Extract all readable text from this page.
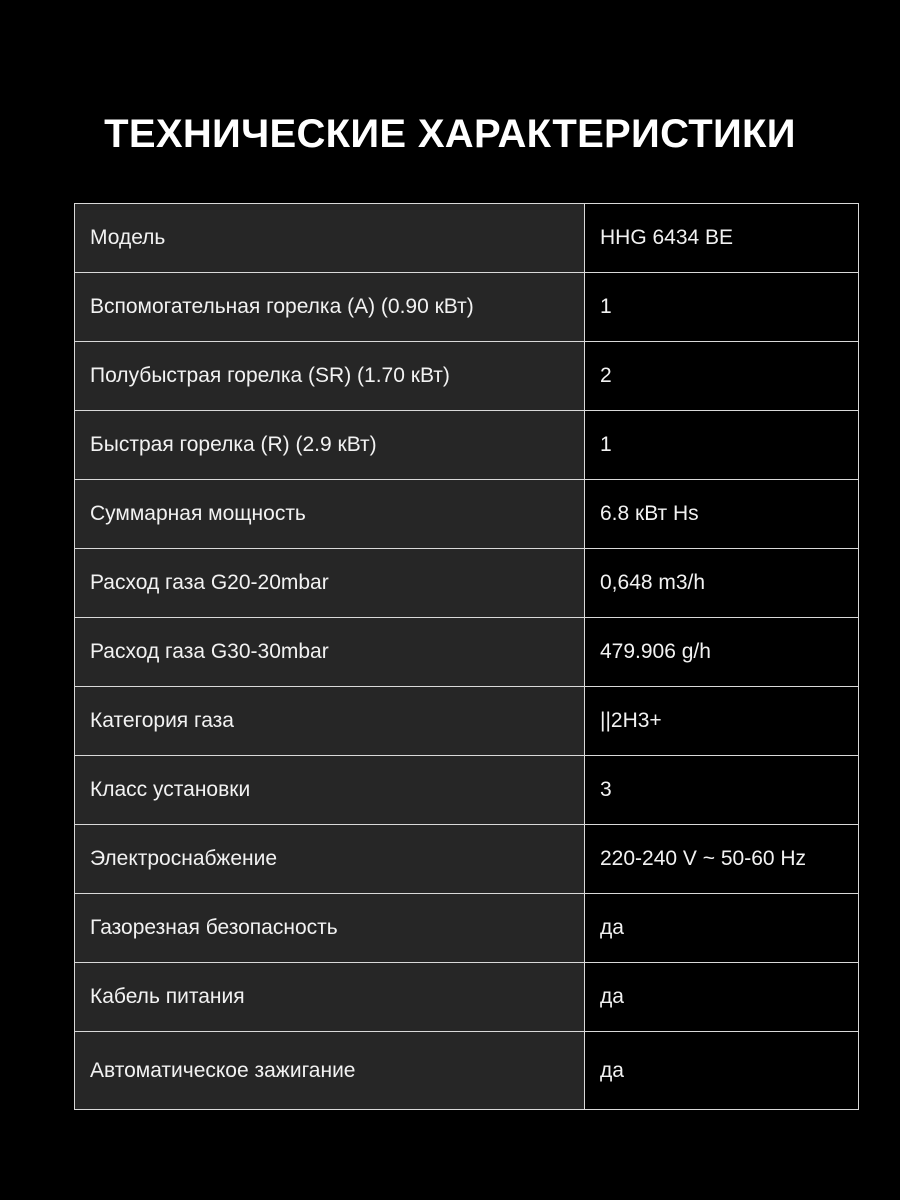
ТЕХНИЧЕСКИЕ ХАРАКТЕРИСТИКИ
Модель	HHG 6434 BE
Вспомогательная горелка (A) (0.90 кВт)	1
Полубыстрая горелка (SR) (1.70 кВт)	2
Быстрая горелка (R) (2.9 кВт)	1
Суммарная мощность	6.8 кВт Hs
Расход газа G20-20mbar	0,648 m3/h
Расход газа G30-30mbar	479.906 g/h
Категория газа	||2H3+
Класс установки	3
Электроснабжение	220-240 V ~ 50-60 Hz
Газорезная безопасность	да
Кабель питания	да
Автоматическое зажигание	да
